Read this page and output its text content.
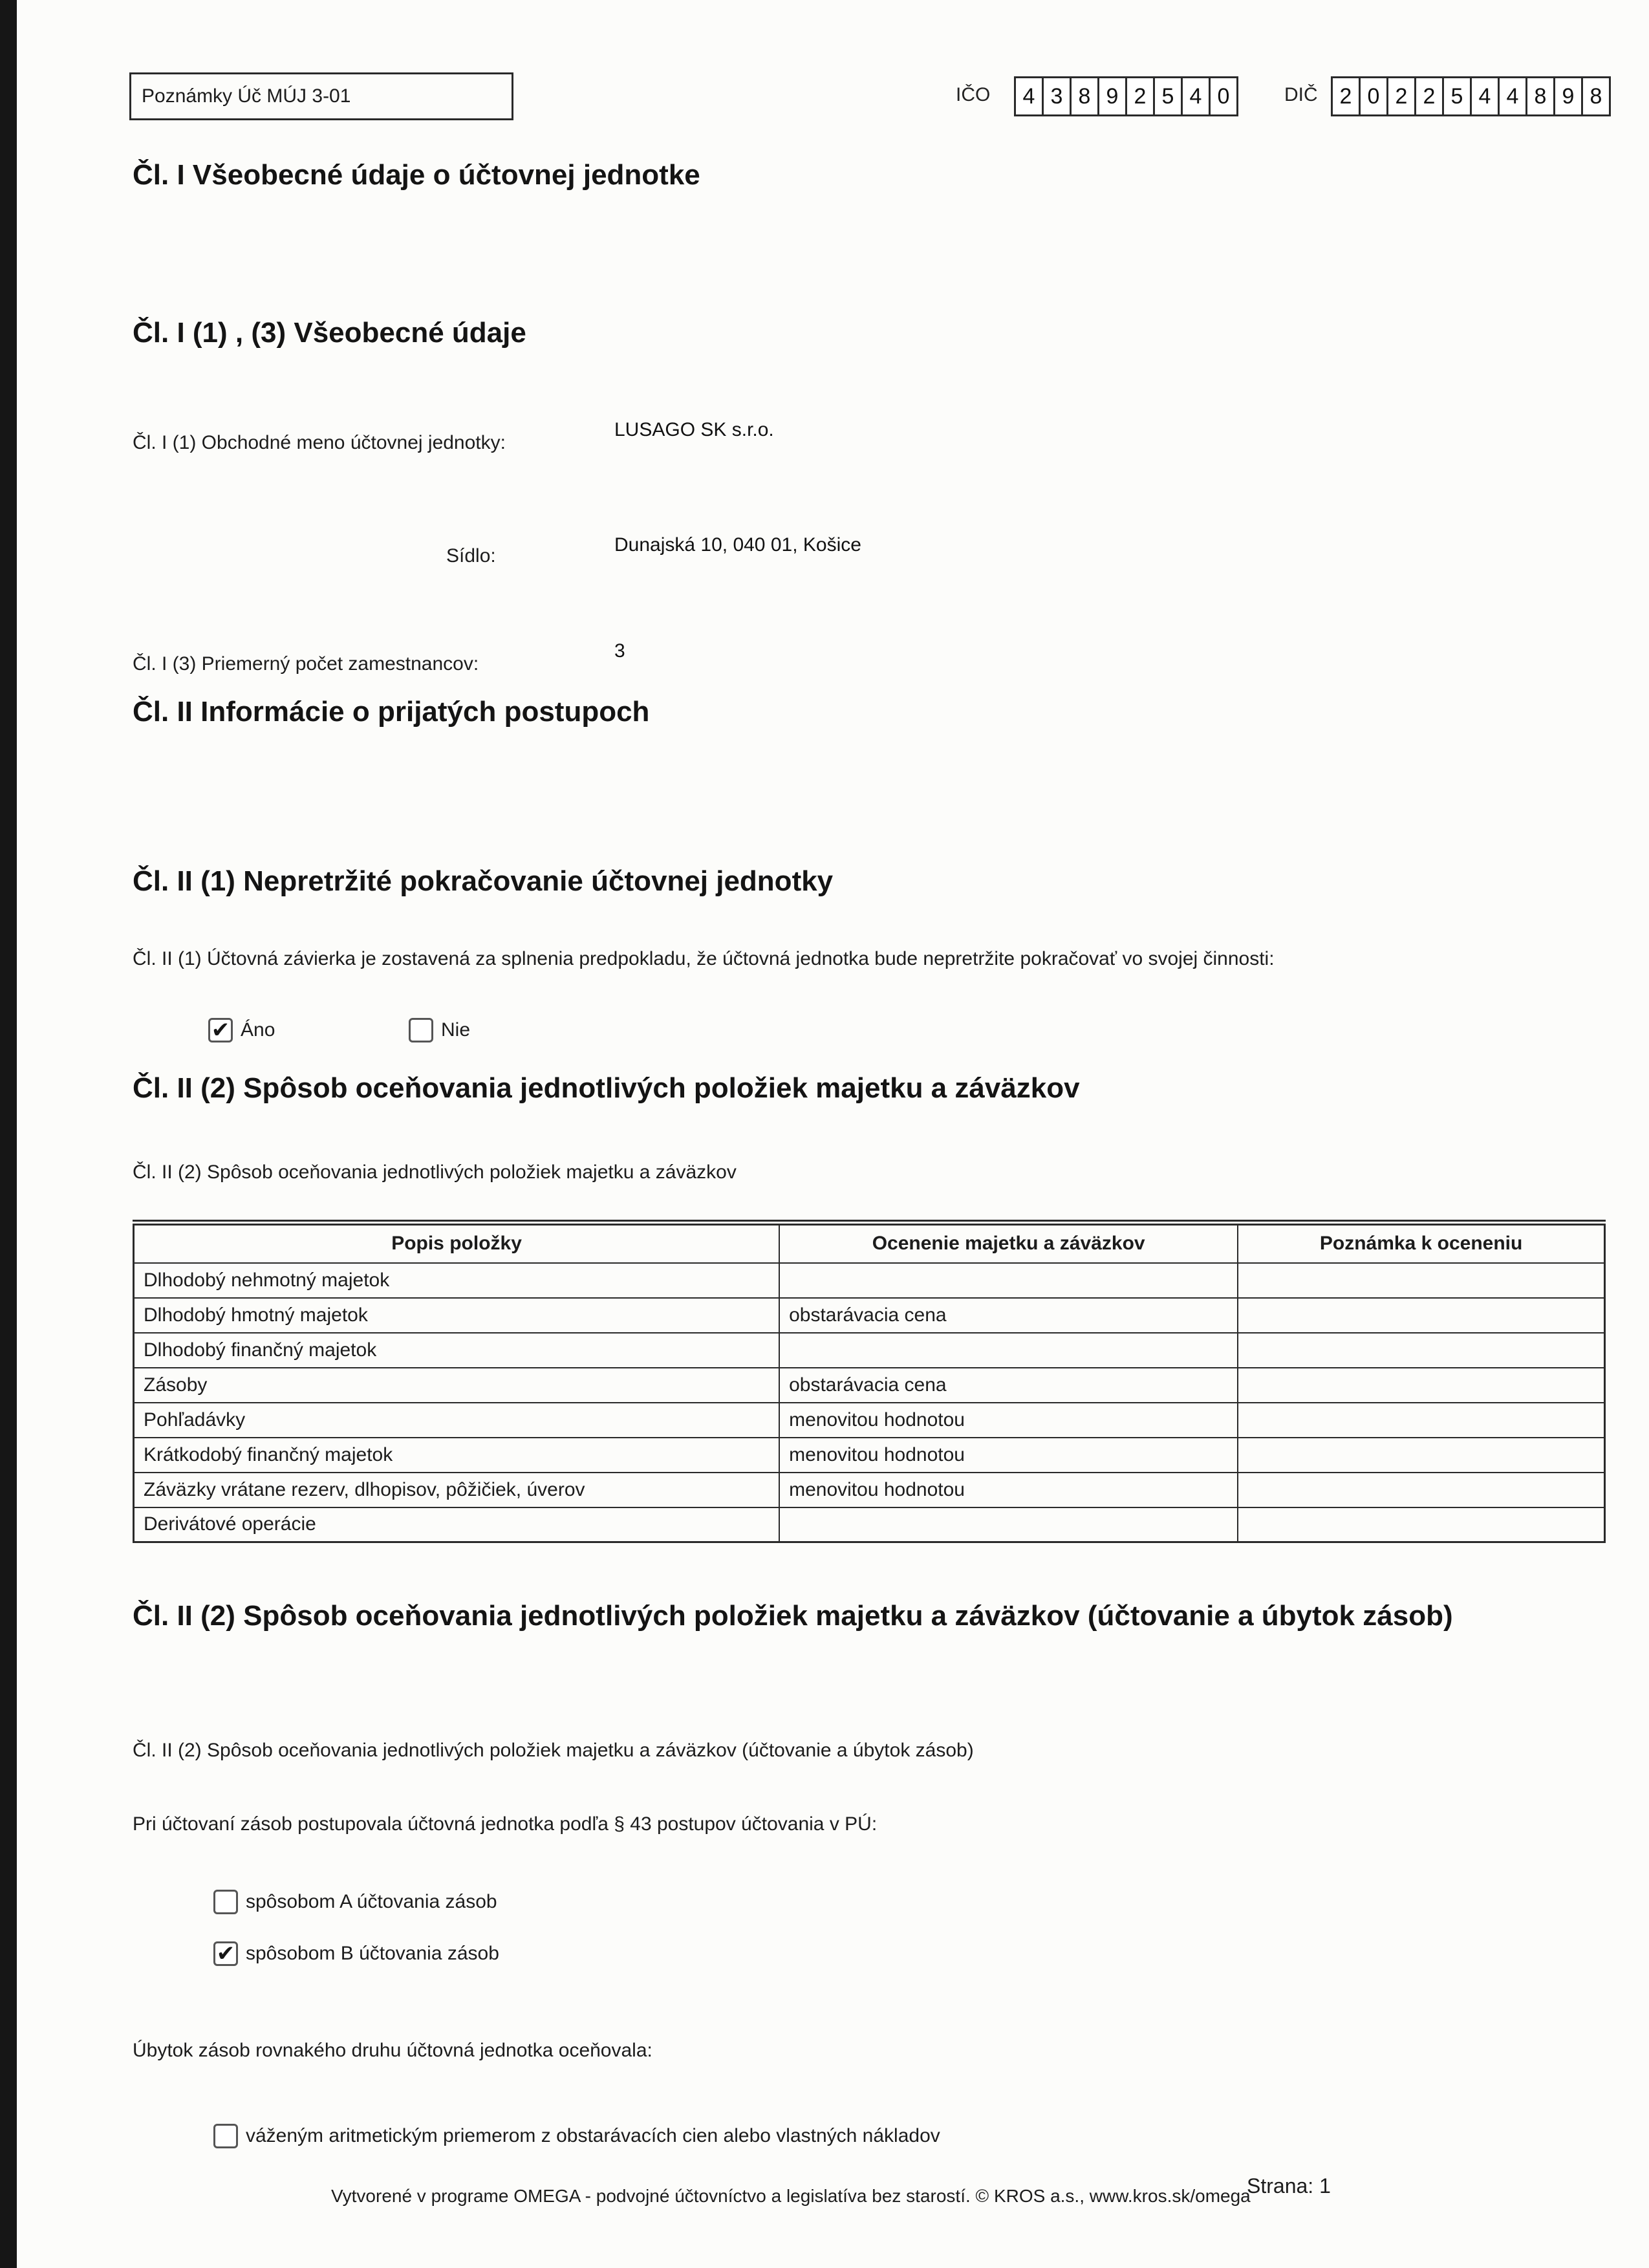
Poznámky Úč MÚJ 3-01	IČO	4 3 8 9 2 5 4 0	DIČ 2 0 2 2 5 4 4 8 9 8
Čl. I Všeobecné údaje o účtovnej jednotke
Čl. I (1) , (3) Všeobecné údaje
LUSAGO SK s.r.o.
Čl. I (1) Obchodné meno účtovnej jednotky:
Dunajská 10, 040 01, Košice
Sídlo:
3
Čl. I (3) Priemerný počet zamestnancov:
Čl. II Informácie o prijatých postupoch
Čl. II (1) Nepretržité pokračovanie účtovnej jednotky
Čl. II (1) Účtovná závierka je zostavená za splnenia predpokladu, že účtovná jednotka bude nepretržite pokračovať vo svojej činnosti:
✔
Áno	Nie
Čl. II (2) Spôsob oceňovania jednotlivých položiek majetku a záväzkov
Čl. II (2) Spôsob oceňovania jednotlivých položiek majetku a záväzkov
Popis položky	Ocenenie majetku a záväzkov	Poznámka k oceneniu
Dlhodobý nehmotný majetok		
Dlhodobý hmotný majetok	obstarávacia cena	
Dlhodobý finančný majetok		
Zásoby	obstarávacia cena	
Pohľadávky	menovitou hodnotou	
Krátkodobý finančný majetok	menovitou hodnotou	
Záväzky vrátane rezerv, dlhopisov, pôžičiek, úverov	menovitou hodnotou	
Derivátové operácie		
Čl. II (2) Spôsob oceňovania jednotlivých položiek majetku a záväzkov (účtovanie a úbytok zásob)
Čl. II (2) Spôsob oceňovania jednotlivých položiek majetku a záväzkov (účtovanie a úbytok zásob)
Pri účtovaní zásob postupovala účtovná jednotka podľa § 43 postupov účtovania v PÚ:
spôsobom A účtovania zásob
✔
spôsobom B účtovania zásob
Úbytok zásob rovnakého druhu účtovná jednotka oceňovala:
váženým aritmetickým priemerom z obstarávacích cien alebo vlastných nákladov
Vytvorené v programe OMEGA - podvojné účtovníctvo a legislatíva bez starostí. © KROS a.s., www.kros.sk/omega
Strana: 1
